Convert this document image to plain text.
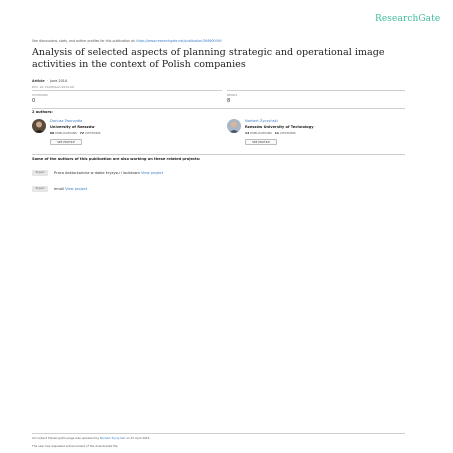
ResearchGate
See discussions, stats, and author profiles for this publication at: https://www.researchgate.net/publication/266900090
Analysis of selected aspects of planning strategic and operational image activities in the context of Polish companies
Article  ·  June 2014
DOI: 10.15208/beh.2014.06
CITATIONS
0
READS
8
2 authors:
Dariusz Tworzydło
University of Rzeszów
60 PUBLICATIONS 72 CITATIONS
SEE PROFILE
Norbert Życzyński
Rzeszów University of Technology
14 PUBLICATIONS 11 CITATIONS
SEE PROFILE
Some of the authors of this publication are also working on these related projects:
Project	Praca doktorkańcka w dobie kryzysu i lockdown View project
Project	email View project
All content following this page was uploaded by Norbert Życzyński on 07 April 2015.
The user has requested enhancement of the downloaded file.
